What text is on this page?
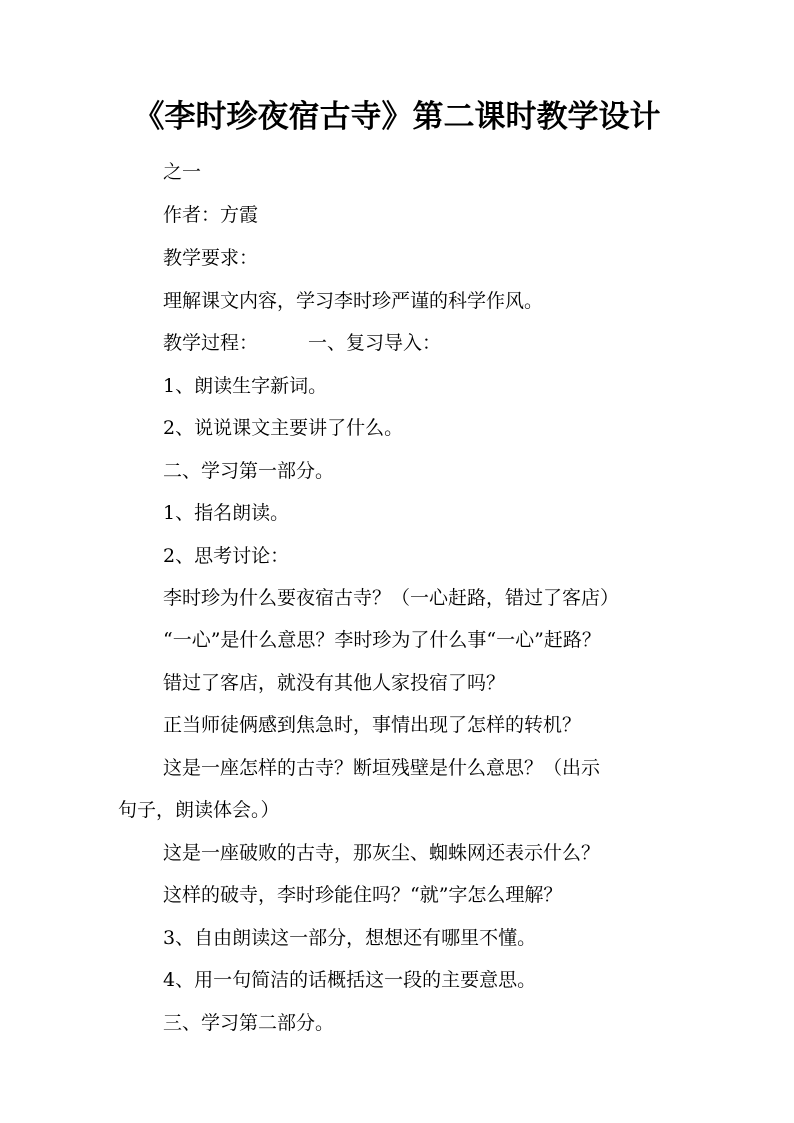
《李时珍夜宿古寺》第二课时教学设计
之一
作者：方霞
教学要求：
理解课文内容，学习李时珍严谨的科学作风。
教学过程：	一、复习导入：
1、朗读生字新词。
2、说说课文主要讲了什么。
二、学习第一部分。
1、指名朗读。
2、思考讨论：
李时珍为什么要夜宿古寺？（一心赶路，错过了客店）
“一心”是什么意思？李时珍为了什么事“一心”赶路？
错过了客店，就没有其他人家投宿了吗？
正当师徒俩感到焦急时，事情出现了怎样的转机？
这是一座怎样的古寺？断垣残壁是什么意思？（出示
句子，朗读体会。）
这是一座破败的古寺，那灰尘、蜘蛛网还表示什么？
这样的破寺，李时珍能住吗？“就”字怎么理解？
3、自由朗读这一部分，想想还有哪里不懂。
4、用一句简洁的话概括这一段的主要意思。
三、学习第二部分。
